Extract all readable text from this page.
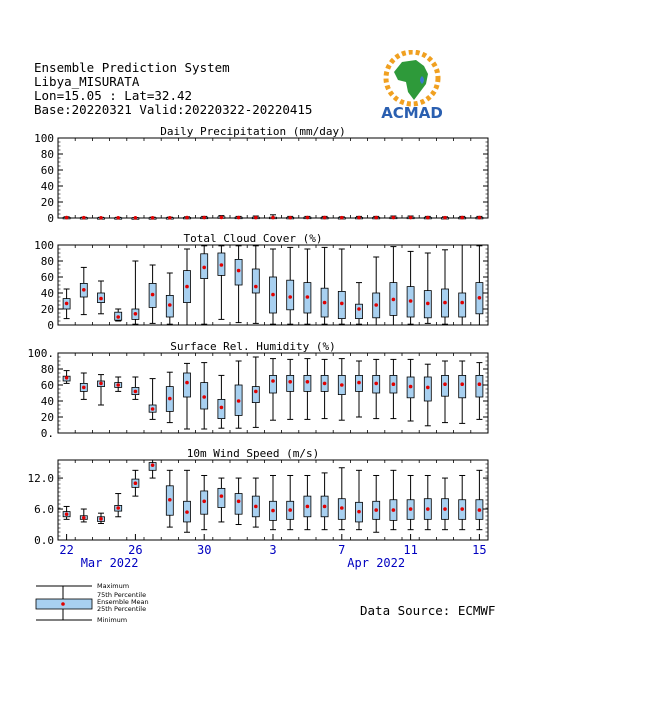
Ensemble Prediction System
Libya_MISURATA
Lon=15.05 : Lat=32.42
Base:20220321 Valid:20220322-20220415	ACMAD
0
20
40
60
80
100
Daily Precipitation (mm/day)
0
20
40
60
80
100
Total Cloud Cover (%)
0.
20
40
60
80
100.
Surface Rel. Humidity (%)
0.0
6.0
12.0
10m Wind Speed (m/s)
22	26	30	3	7	11	15
Mar 2022	Apr 2022
Maximum
75th Percentile
Ensemble Mean
25th Percentile
Minimum
Data Source: ECMWF
